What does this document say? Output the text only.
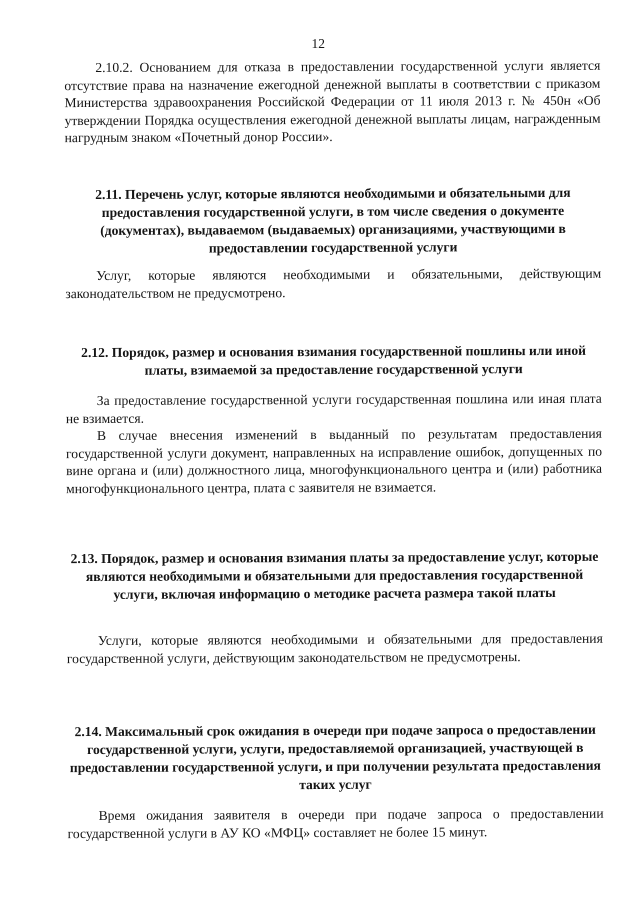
12

2.10.2. Основанием для отказа в предоставлении государственной услуги является отсутствие права на назначение ежегодной денежной выплаты в соответствии с приказом Министерства здравоохранения Российской Федерации от 11 июля 2013 г. № 450н «Об утверждении Порядка осуществления ежегодной денежной выплаты лицам, награжденным нагрудным знаком «Почетный донор России».

2.11. Перечень услуг, которые являются необходимыми и обязательными для предоставления государственной услуги, в том числе сведения о документе (документах), выдаваемом (выдаваемых) организациями, участвующими в предоставлении государственной услуги

Услуг, которые являются необходимыми и обязательными, действующим законодательством не предусмотрено.

2.12. Порядок, размер и основания взимания государственной пошлины или иной платы, взимаемой за предоставление государственной услуги

За предоставление государственной услуги государственная пошлина или иная плата не взимается.

В случае внесения изменений в выданный по результатам предоставления государственной услуги документ, направленных на исправление ошибок, допущенных по вине органа и (или) должностного лица, многофункционального центра и (или) работника многофункционального центра, плата с заявителя не взимается.

2.13. Порядок, размер и основания взимания платы за предоставление услуг, которые являются необходимыми и обязательными для предоставления государственной услуги, включая информацию о методике расчета размера такой платы

Услуги, которые являются необходимыми и обязательными для предоставления государственной услуги, действующим законодательством не предусмотрены.

2.14. Максимальный срок ожидания в очереди при подаче запроса о предоставлении государственной услуги, услуги, предоставляемой организацией, участвующей в предоставлении государственной услуги, и при получении результата предоставления таких услуг

Время ожидания заявителя в очереди при подаче запроса о предоставлении государственной услуги в АУ КО «МФЦ» составляет не более 15 минут.
